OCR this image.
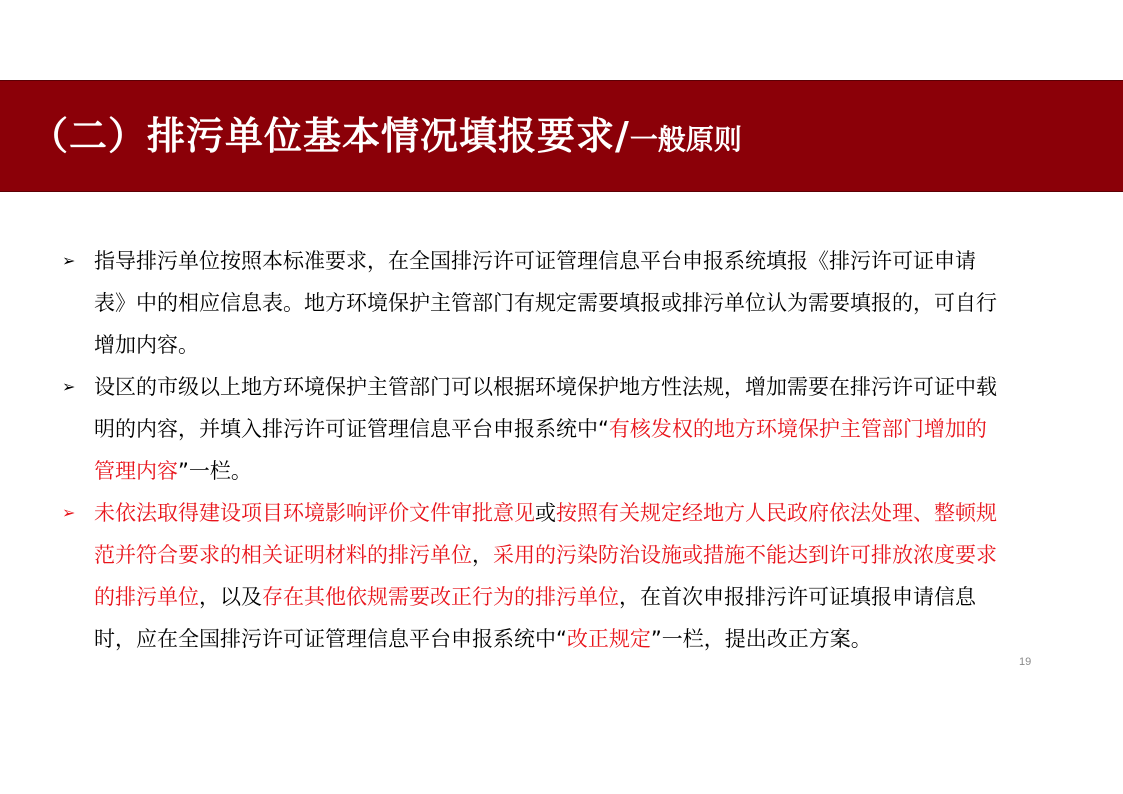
（二）排污单位基本情况填报要求/一般原则
➢ 指导排污单位按照本标准要求，在全国排污许可证管理信息平台申报系统填报《排污许可证申请表》中的相应信息表。地方环境保护主管部门有规定需要填报或排污单位认为需要填报的，可自行增加内容。
➢ 设区的市级以上地方环境保护主管部门可以根据环境保护地方性法规，增加需要在排污许可证中载明的内容，并填入排污许可证管理信息平台申报系统中“有核发权的地方环境保护主管部门增加的管理内容”一栏。
➢ 未依法取得建设项目环境影响评价文件审批意见或按照有关规定经地方人民政府依法处理、整顿规范并符合要求的相关证明材料的排污单位，采用的污染防治设施或措施不能达到许可排放浓度要求的排污单位，以及存在其他依规需要改正行为的排污单位，在首次申报排污许可证填报申请信息时，应在全国排污许可证管理信息平台申报系统中“改正规定”一栏，提出改正方案。
19
